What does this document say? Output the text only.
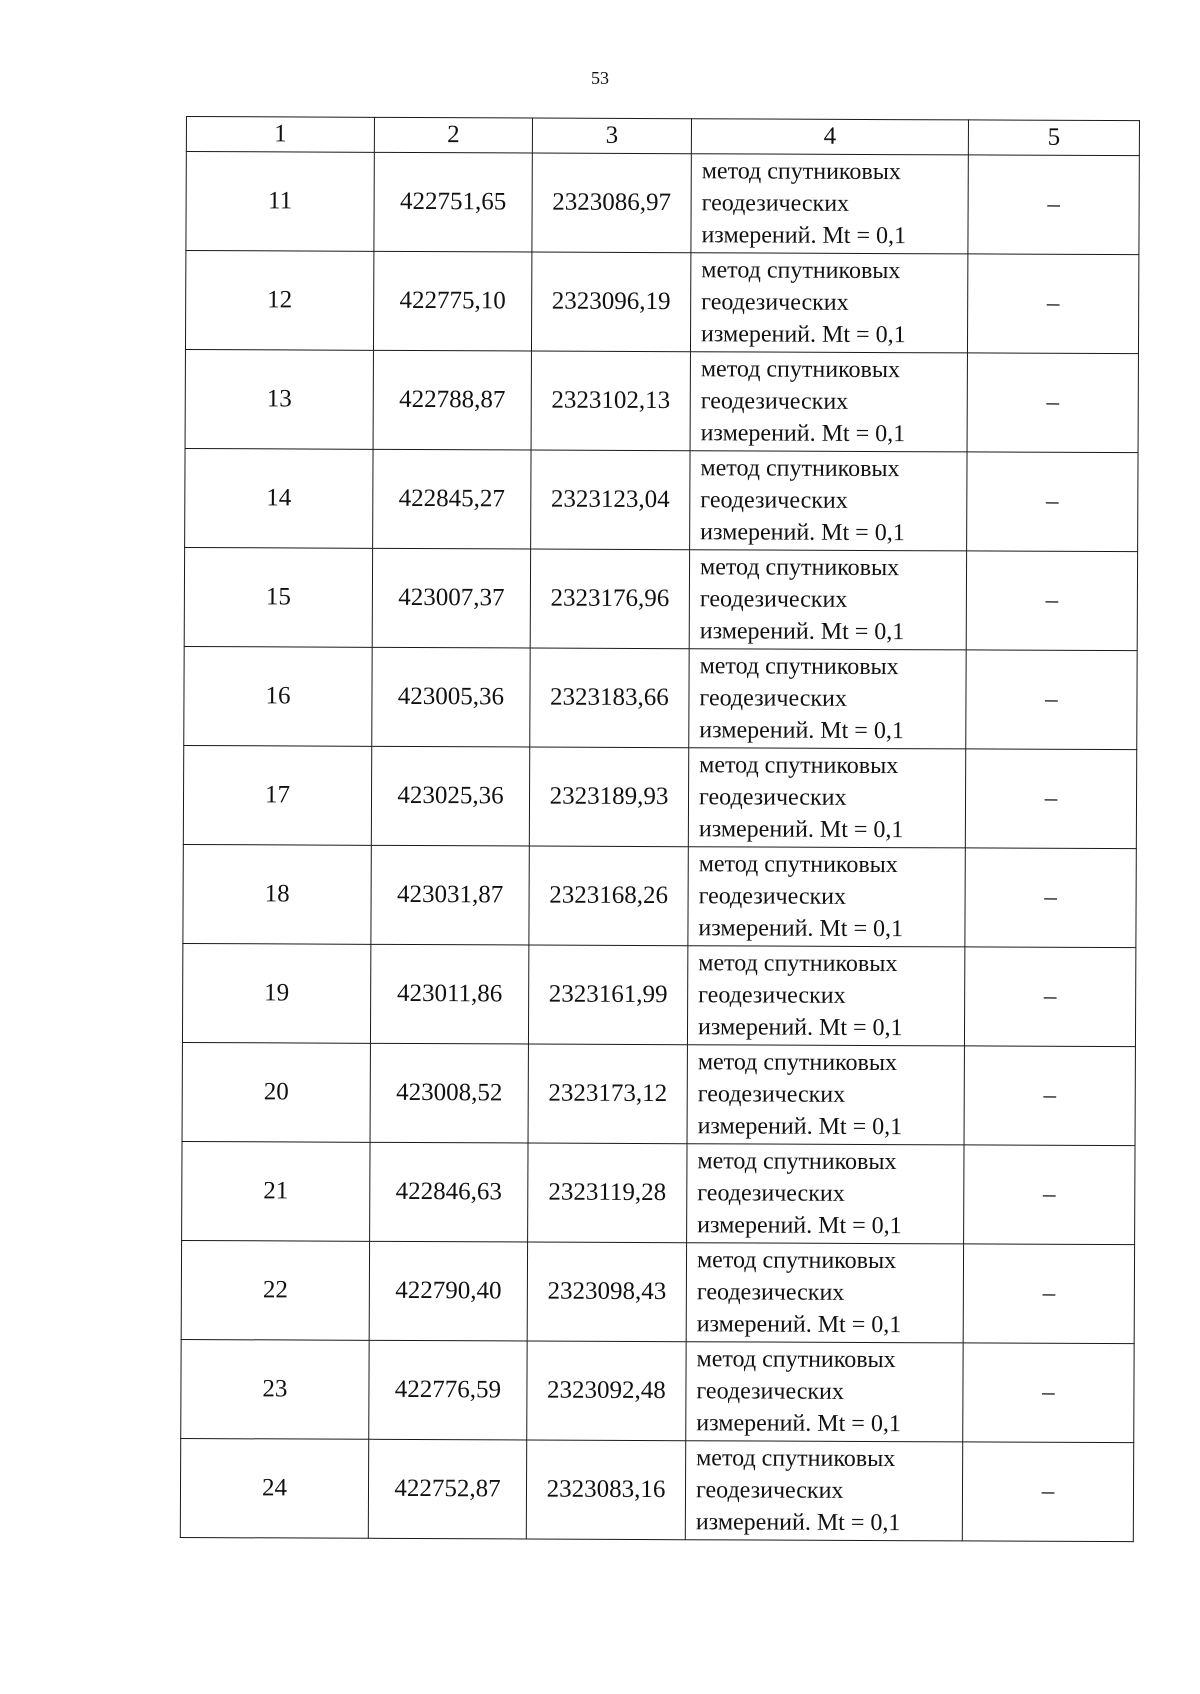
53
1	2	3	4	5
11	422751,65	2323086,97	метод спутниковых
геодезических
измерений. Mt = 0,1	–
12	422775,10	2323096,19	метод спутниковых
геодезических
измерений. Mt = 0,1	–
13	422788,87	2323102,13	метод спутниковых
геодезических
измерений. Mt = 0,1	–
14	422845,27	2323123,04	метод спутниковых
геодезических
измерений. Mt = 0,1	–
15	423007,37	2323176,96	метод спутниковых
геодезических
измерений. Mt = 0,1	–
16	423005,36	2323183,66	метод спутниковых
геодезических
измерений. Mt = 0,1	–
17	423025,36	2323189,93	метод спутниковых
геодезических
измерений. Mt = 0,1	–
18	423031,87	2323168,26	метод спутниковых
геодезических
измерений. Mt = 0,1	–
19	423011,86	2323161,99	метод спутниковых
геодезических
измерений. Mt = 0,1	–
20	423008,52	2323173,12	метод спутниковых
геодезических
измерений. Mt = 0,1	–
21	422846,63	2323119,28	метод спутниковых
геодезических
измерений. Mt = 0,1	–
22	422790,40	2323098,43	метод спутниковых
геодезических
измерений. Mt = 0,1	–
23	422776,59	2323092,48	метод спутниковых
геодезических
измерений. Mt = 0,1	–
24	422752,87	2323083,16	метод спутниковых
геодезических
измерений. Mt = 0,1	–
